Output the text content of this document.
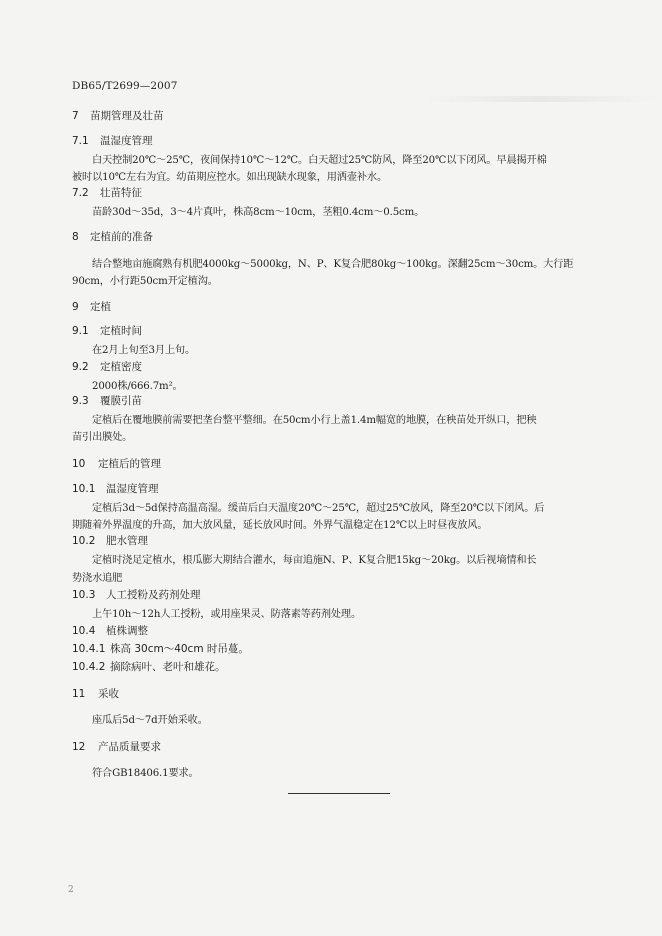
DB65/T2699—2007
7 苗期管理及壮苗
7.1 温湿度管理
白天控制20℃～25℃，夜间保持10℃～12℃。白天超过25℃防风，降至20℃以下闭风。早晨揭开棉
被时以10℃左右为宜。幼苗期应控水。如出现缺水现象，用洒壶补水。
7.2 壮苗特征
苗龄30d～35d，3～4片真叶，株高8cm～10cm，茎粗0.4cm～0.5cm。
8 定植前的准备
结合整地亩施腐熟有机肥4000kg～5000kg，N、P、K复合肥80kg～100kg。深翻25cm～30cm。大行距
90cm，小行距50cm开定植沟。
9 定植
9.1 定植时间
在2月上旬至3月上旬。
9.2 定植密度
2000株/666.7m²。
9.3 覆膜引苗
定植后在覆地膜前需要把垄台整平整细。在50cm小行上盖1.4m幅宽的地膜，在秧苗处开纵口，把秧
苗引出膜处。
10 定植后的管理
10.1 温湿度管理
定植后3d～5d保持高温高湿。缓苗后白天温度20℃～25℃，超过25℃放风，降至20℃以下闭风。后
期随着外界温度的升高，加大放风量，延长放风时间。外界气温稳定在12℃以上时昼夜放风。
10.2 肥水管理
定植时浇足定植水，根瓜膨大期结合灌水，每亩追施N、P、K复合肥15kg～20kg。以后视墒情和长
势浇水追肥
10.3 人工授粉及药剂处理
上午10h～12h人工授粉，或用座果灵、防落素等药剂处理。
10.4 植株调整
10.4.1 株高 30cm～40cm 时吊蔓。
10.4.2 摘除病叶、老叶和雄花。
11 采收
座瓜后5d～7d开始采收。
12 产品质量要求
符合GB18406.1要求。
2
